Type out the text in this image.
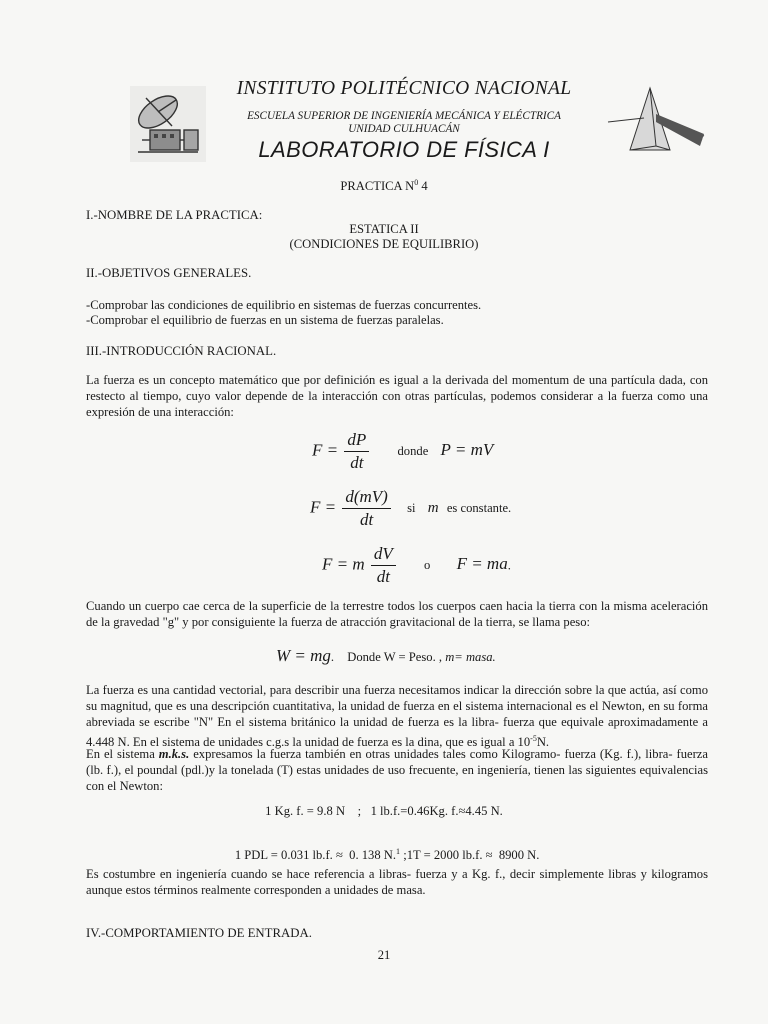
INSTITUTO POLITÉCNICO NACIONAL
ESCUELA SUPERIOR DE INGENIERÍA MECÁNICA Y ELÉCTRICA
UNIDAD CULHUACÁN
LABORATORIO DE FÍSICA I
PRACTICA $N^0$ 4
I.-NOMBRE DE LA PRACTICA:
ESTATICA II
(CONDICIONES DE EQUILIBRIO)
II.-OBJETIVOS GENERALES.
-Comprobar las condiciones de equilibrio en sistemas de fuerzas concurrentes.
-Comprobar el equilibrio de fuerzas en un sistema de fuerzas paralelas.
III.-INTRODUCCIÓN RACIONAL.
La fuerza es un concepto matemático que por definición es igual a la derivada del momentum de una partícula dada, con restecto al tiempo, cuyo valor depende de la interacción con otras partículas, podemos considerar a la fuerza como una expresión de una interacción:
$F = \frac{dP}{dt}$ donde P = mV
$F = \frac{d(mV)}{dt}$ si m es constante.
F = m $\frac{dV}{dt}$ o F = ma.
Cuando un cuerpo cae cerca de la superficie de la terrestre todos los cuerpos caen hacia la tierra con la misma aceleración de la gravedad "g" y por consiguiente la fuerza de atracción gravitacional de la tierra, se llama peso:
W = mg. Donde W = Peso. , m= masa.
La fuerza es una cantidad vectorial, para describir una fuerza necesitamos indicar la dirección sobre la que actúa, así como su magnitud, que es una descripción cuantitativa, la unidad de fuerza en el sistema internacional es el Newton, en su forma abreviada se escribe "N" En el sistema británico la unidad de fuerza es la libra- fuerza que equivale aproximadamente a 4.448 N. En el sistema de unidades c.g.s la unidad de fuerza es la dina, que es igual a $10^{-5}N$.
En el sistema m.k.s. expresamos la fuerza también en otras unidades tales como Kilogramo- fuerza (Kg. f.), libra- fuerza (lb. f.), el poundal (pdl.)y la tonelada (T) estas unidades de uso frecuente, en ingeniería, tienen las siguientes equivalencias con el Newton:
1 Kg. f. = 9.8 N    ;   1 lb.f.=0.46Kg. f.≈4.45 N.

1 PDL = 0.031 lb.f. ≈  0. 138 N.$^1$ ;1T = 2000 lb.f. ≈  8900 N.

Es costumbre en ingeniería cuando se hace referencia a libras- fuerza y a Kg. f., decir simplemente libras y kilogramos aunque estos términos realmente corresponden a unidades de masa.
IV.-COMPORTAMIENTO DE ENTRADA.
21
